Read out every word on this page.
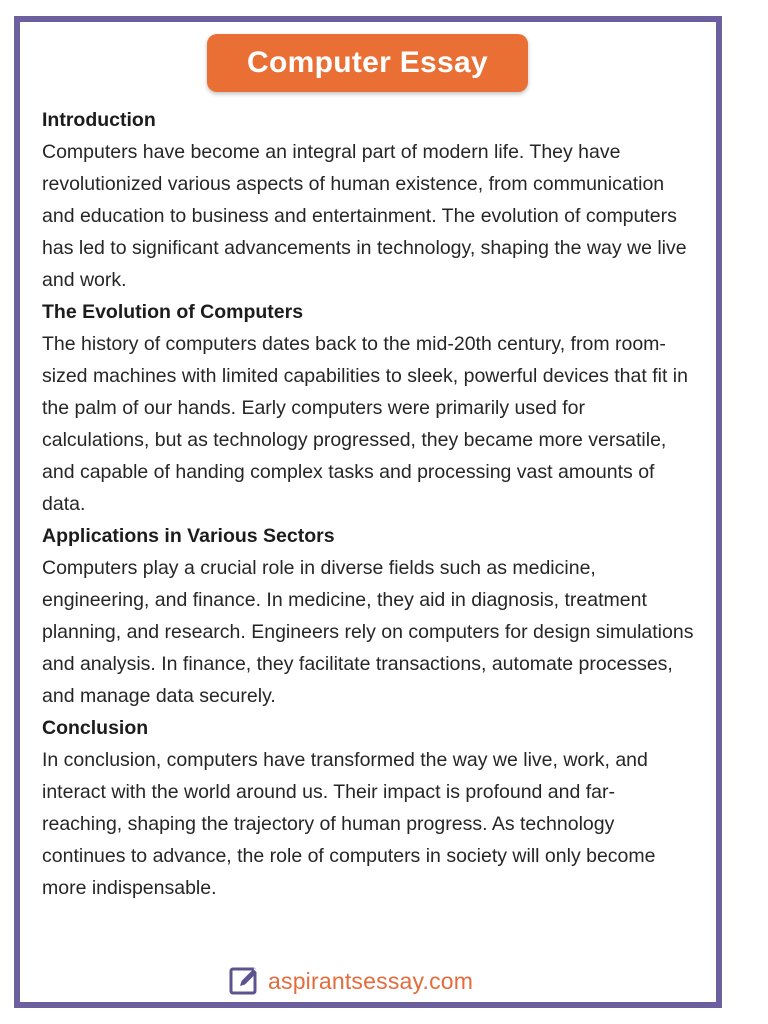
Computer Essay
Introduction

Computers have become an integral part of modern life. They have revolutionized various aspects of human existence, from communication and education to business and entertainment. The evolution of computers has led to significant advancements in technology, shaping the way we live and work.

The Evolution of Computers

The history of computers dates back to the mid-20th century, from room-sized machines with limited capabilities to sleek, powerful devices that fit in the palm of our hands. Early computers were primarily used for calculations, but as technology progressed, they became more versatile, and capable of handing complex tasks and processing vast amounts of data.

Applications in Various Sectors

Computers play a crucial role in diverse fields such as medicine, engineering, and finance. In medicine, they aid in diagnosis, treatment planning, and research. Engineers rely on computers for design simulations and analysis. In finance, they facilitate transactions, automate processes, and manage data securely.

Conclusion

In conclusion, computers have transformed the way we live, work, and interact with the world around us. Their impact is profound and far-reaching, shaping the trajectory of human progress. As technology continues to advance, the role of computers in society will only become more indispensable.

aspirantsessay.com
